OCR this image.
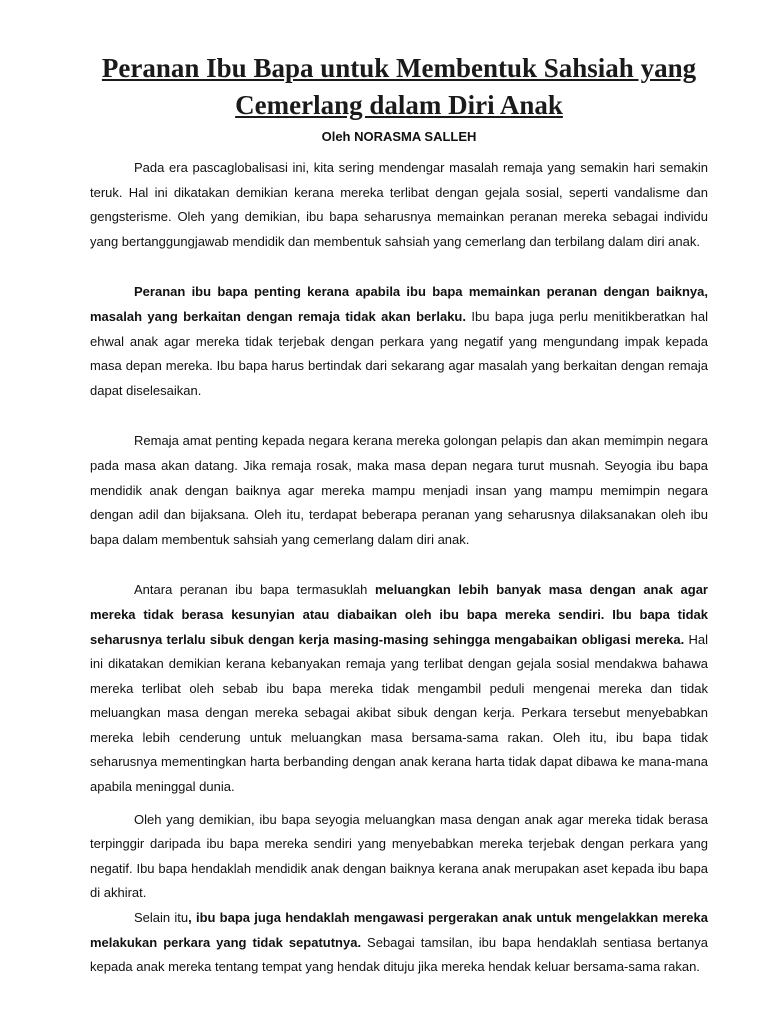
Peranan Ibu Bapa untuk Membentuk Sahsiah yang
Cemerlang dalam Diri Anak

Oleh NORASMA SALLEH

Pada era pascaglobalisasi ini, kita sering mendengar masalah remaja yang semakin hari semakin teruk. Hal ini dikatakan demikian kerana mereka terlibat dengan gejala sosial, seperti vandalisme dan gengsterisme. Oleh yang demikian, ibu bapa seharusnya memainkan peranan mereka sebagai individu yang bertanggungjawab mendidik dan membentuk sahsiah yang cemerlang dan terbilang dalam diri anak.

Peranan ibu bapa penting kerana apabila ibu bapa memainkan peranan dengan baiknya, masalah yang berkaitan dengan remaja tidak akan berlaku. Ibu bapa juga perlu menitikberatkan hal ehwal anak agar mereka tidak terjebak dengan perkara yang negatif yang mengundang impak kepada masa depan mereka. Ibu bapa harus bertindak dari sekarang agar masalah yang berkaitan dengan remaja dapat diselesaikan.

Remaja amat penting kepada negara kerana mereka golongan pelapis dan akan memimpin negara pada masa akan datang. Jika remaja rosak, maka masa depan negara turut musnah. Seyogia ibu bapa mendidik anak dengan baiknya agar mereka mampu menjadi insan yang mampu memimpin negara dengan adil dan bijaksana. Oleh itu, terdapat beberapa peranan yang seharusnya dilaksanakan oleh ibu bapa dalam membentuk sahsiah yang cemerlang dalam diri anak.

Antara peranan ibu bapa termasuklah meluangkan lebih banyak masa dengan anak agar mereka tidak berasa kesunyian atau diabaikan oleh ibu bapa mereka sendiri. Ibu bapa tidak seharusnya terlalu sibuk dengan kerja masing-masing sehingga mengabaikan obligasi mereka. Hal ini dikatakan demikian kerana kebanyakan remaja yang terlibat dengan gejala sosial mendakwa bahawa mereka terlibat oleh sebab ibu bapa mereka tidak mengambil peduli mengenai mereka dan tidak meluangkan masa dengan mereka sebagai akibat sibuk dengan kerja. Perkara tersebut menyebabkan mereka lebih cenderung untuk meluangkan masa bersama-sama rakan. Oleh itu, ibu bapa tidak seharusnya mementingkan harta berbanding dengan anak kerana harta tidak dapat dibawa ke mana-mana apabila meninggal dunia.

Oleh yang demikian, ibu bapa seyogia meluangkan masa dengan anak agar mereka tidak berasa terpinggir daripada ibu bapa mereka sendiri yang menyebabkan mereka terjebak dengan perkara yang negatif. Ibu bapa hendaklah mendidik anak dengan baiknya kerana anak merupakan aset kepada ibu bapa di akhirat.

Selain itu, ibu bapa juga hendaklah mengawasi pergerakan anak untuk mengelakkan mereka melakukan perkara yang tidak sepatutnya. Sebagai tamsilan, ibu bapa hendaklah sentiasa bertanya kepada anak mereka tentang tempat yang hendak dituju jika mereka hendak keluar bersama-sama rakan.
